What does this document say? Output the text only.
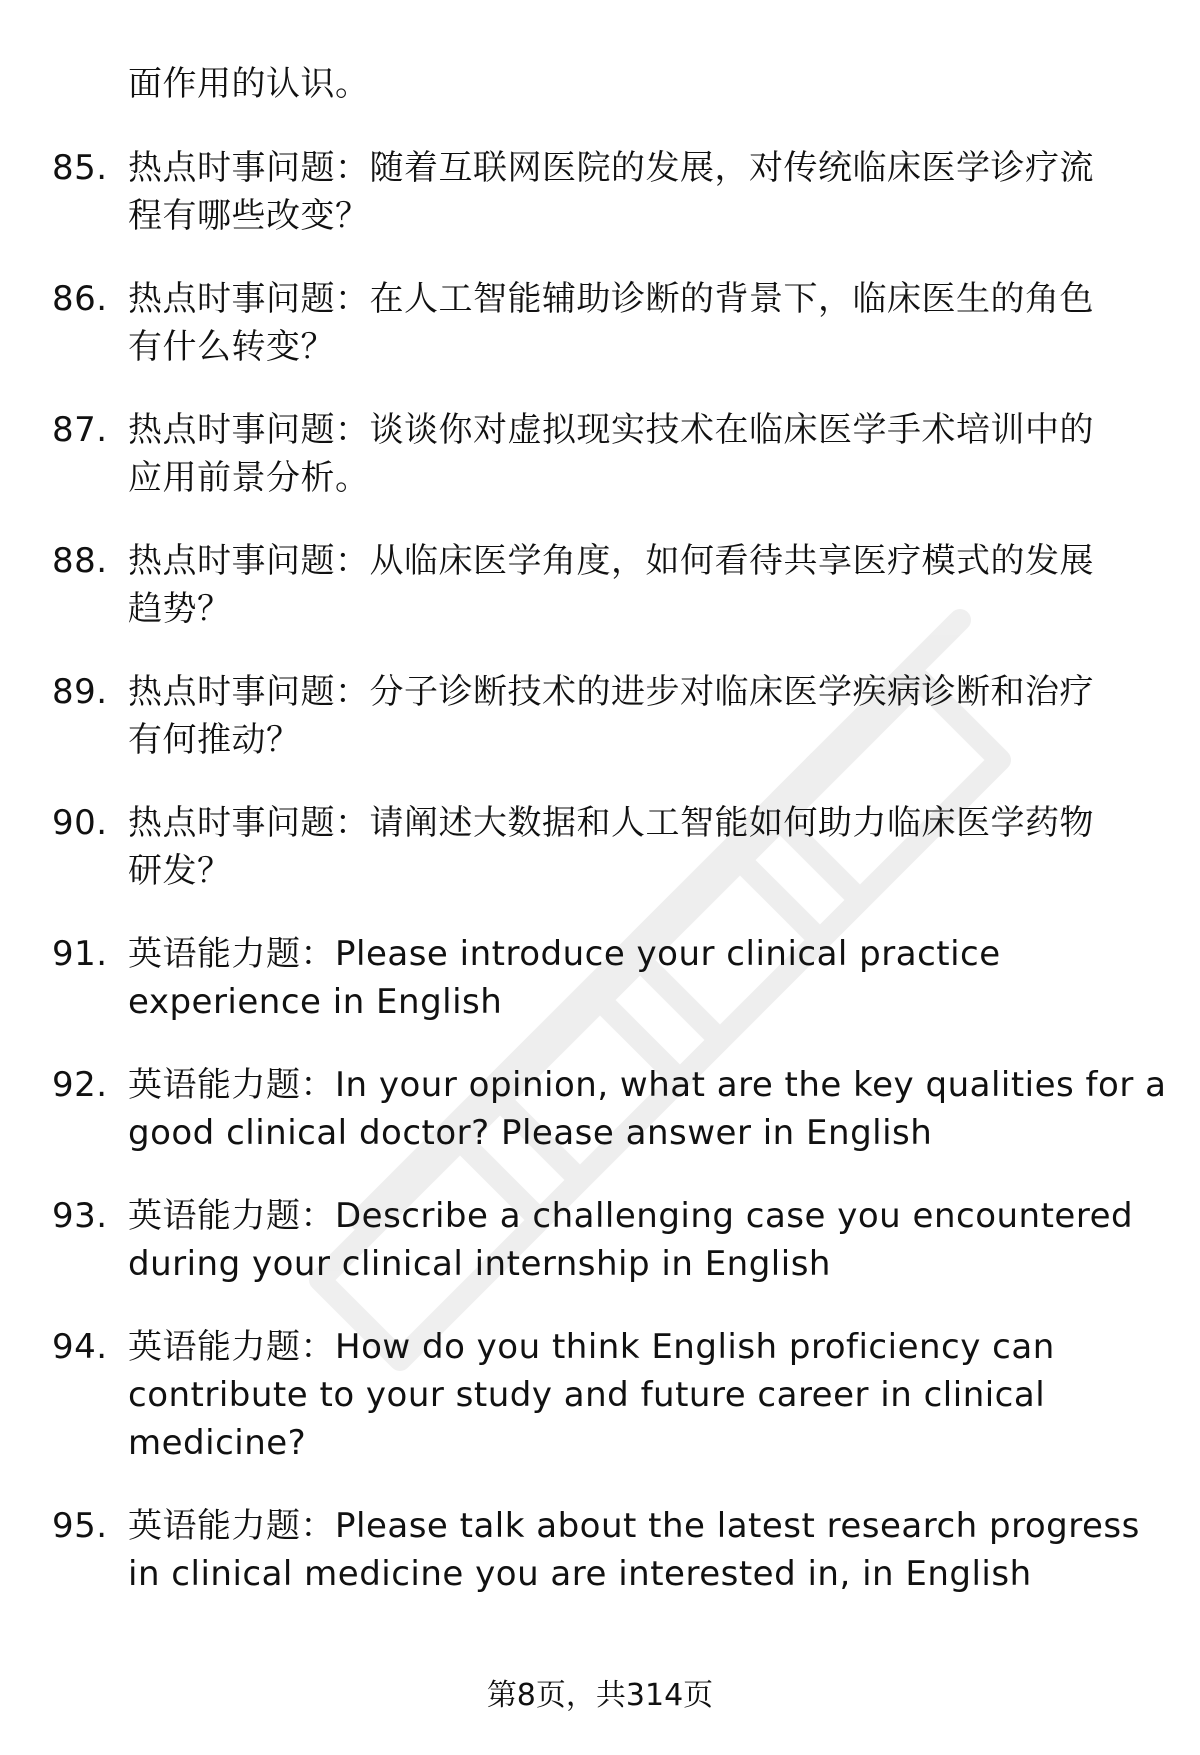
面作用的认识。
85. 热点时事问题：随着互联网医院的发展，对传统临床医学诊疗流
程有哪些改变？
86. 热点时事问题：在人工智能辅助诊断的背景下，临床医生的角色
有什么转变？
87. 热点时事问题：谈谈你对虚拟现实技术在临床医学手术培训中的
应用前景分析。
88. 热点时事问题：从临床医学角度，如何看待共享医疗模式的发展
趋势？
89. 热点时事问题：分子诊断技术的进步对临床医学疾病诊断和治疗
有何推动？
90. 热点时事问题：请阐述大数据和人工智能如何助力临床医学药物
研发？
91. 英语能力题：Please introduce your clinical practice
experience in English
92. 英语能力题：In your opinion, what are the key qualities for a
good clinical doctor? Please answer in English
93. 英语能力题：Describe a challenging case you encountered
during your clinical internship in English
94. 英语能力题：How do you think English proficiency can
contribute to your study and future career in clinical
medicine?
95. 英语能力题：Please talk about the latest research progress
in clinical medicine you are interested in, in English
第8页，共314页
